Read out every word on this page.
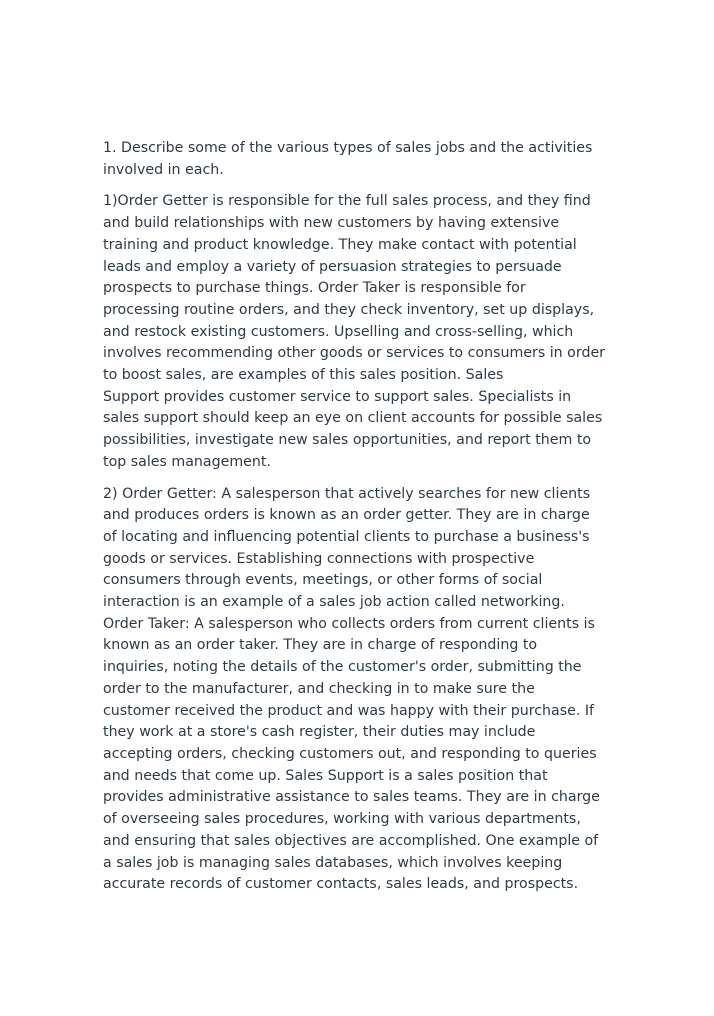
1. Describe some of the various types of sales jobs and the activities
involved in each.

1)Order Getter is responsible for the full sales process, and they find
and build relationships with new customers by having extensive
training and product knowledge. They make contact with potential
leads and employ a variety of persuasion strategies to persuade
prospects to purchase things. Order Taker is responsible for
processing routine orders, and they check inventory, set up displays,
and restock existing customers. Upselling and cross-selling, which
involves recommending other goods or services to consumers in order
to boost sales, are examples of this sales position. Sales
Support provides customer service to support sales. Specialists in
sales support should keep an eye on client accounts for possible sales
possibilities, investigate new sales opportunities, and report them to
top sales management.

2) Order Getter: A salesperson that actively searches for new clients
and produces orders is known as an order getter. They are in charge
of locating and influencing potential clients to purchase a business's
goods or services. Establishing connections with prospective
consumers through events, meetings, or other forms of social
interaction is an example of a sales job action called networking.
Order Taker: A salesperson who collects orders from current clients is
known as an order taker. They are in charge of responding to
inquiries, noting the details of the customer's order, submitting the
order to the manufacturer, and checking in to make sure the
customer received the product and was happy with their purchase. If
they work at a store's cash register, their duties may include
accepting orders, checking customers out, and responding to queries
and needs that come up. Sales Support is a sales position that
provides administrative assistance to sales teams. They are in charge
of overseeing sales procedures, working with various departments,
and ensuring that sales objectives are accomplished. One example of
a sales job is managing sales databases, which involves keeping
accurate records of customer contacts, sales leads, and prospects.
